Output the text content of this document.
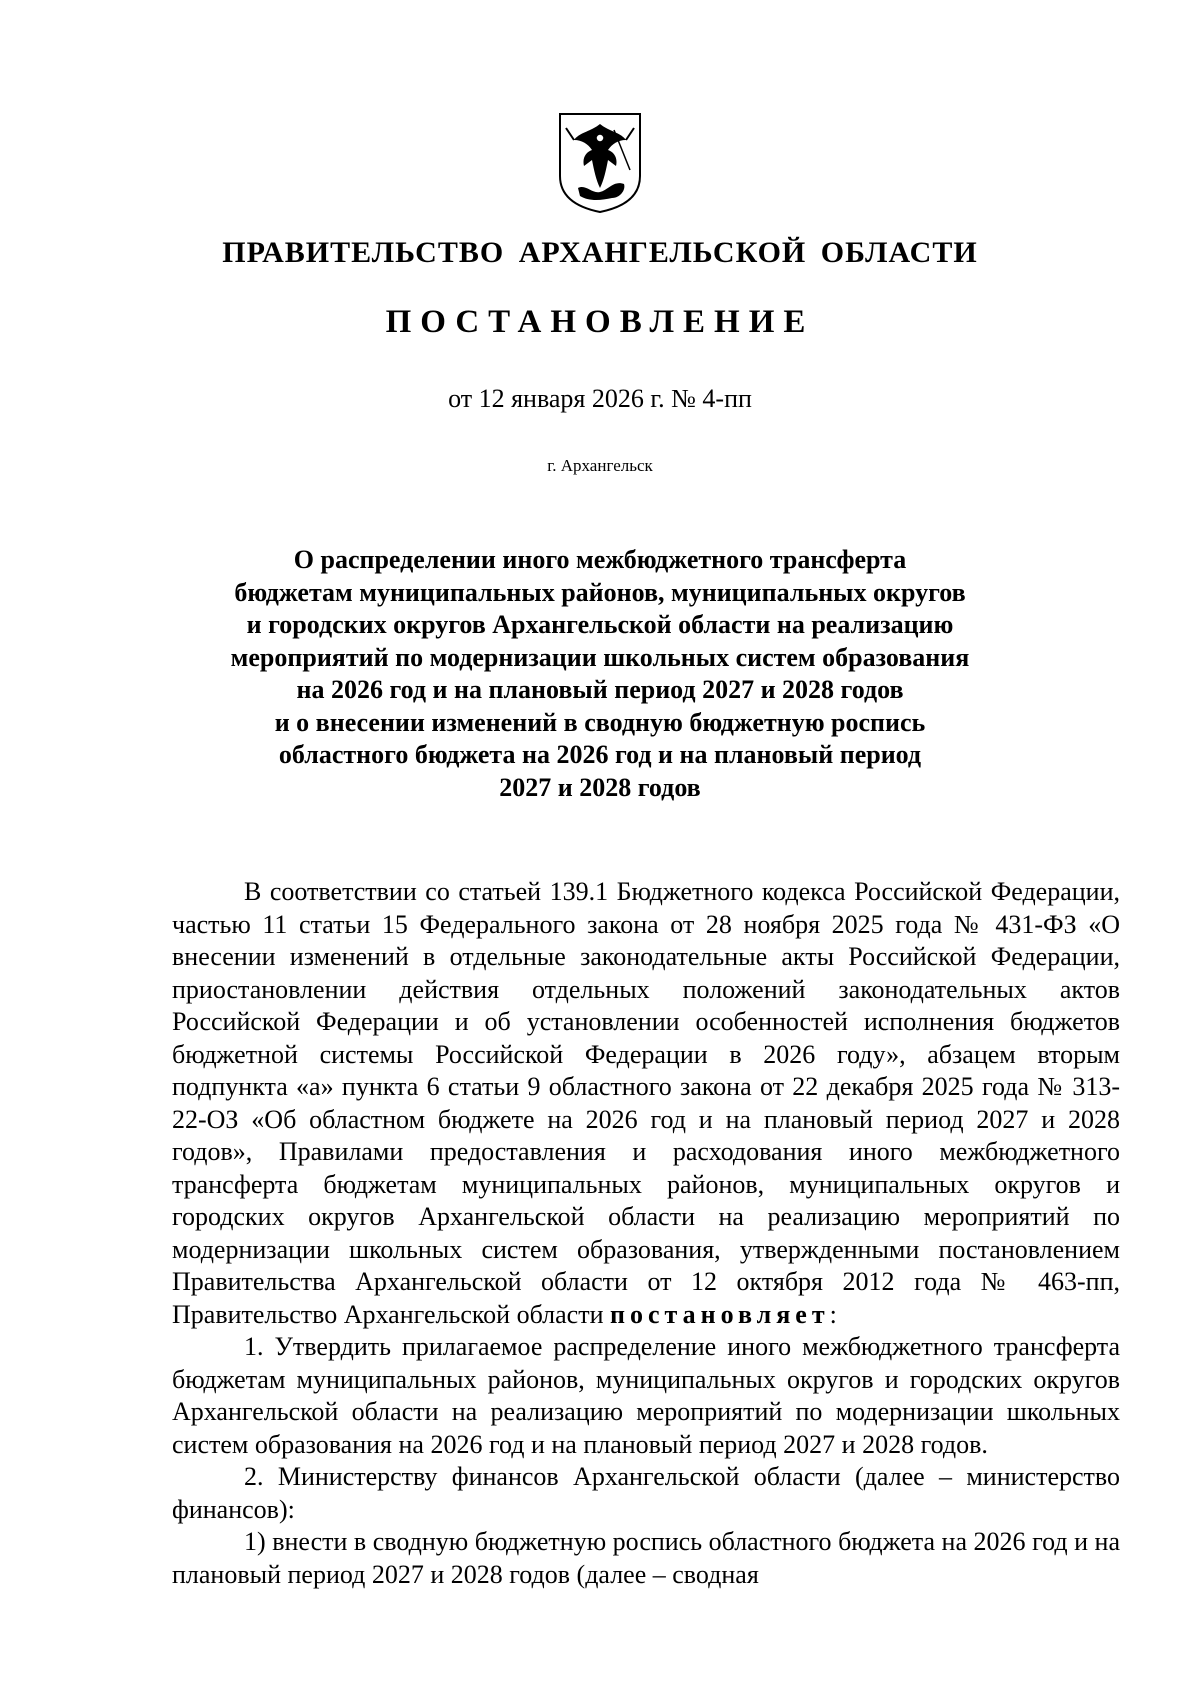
ПРАВИТЕЛЬСТВО АРХАНГЕЛЬСКОЙ ОБЛАСТИ
ПОСТАНОВЛЕНИЕ
от 12 января 2026 г. № 4-пп
г. Архангельск
О распределении иного межбюджетного трансферта
бюджетам муниципальных районов, муниципальных округов
и городских округов Архангельской области на реализацию
мероприятий по модернизации школьных систем образования
на 2026 год и на плановый период 2027 и 2028 годов
и о внесении изменений в сводную бюджетную роспись
областного бюджета на 2026 год и на плановый период
2027 и 2028 годов

В соответствии со статьей 139.1 Бюджетного кодекса Российской Федерации, частью 11 статьи 15 Федерального закона от 28 ноября 2025 года № 431-ФЗ «О внесении изменений в отдельные законодательные акты Российской Федерации, приостановлении действия отдельных положений законодательных актов Российской Федерации и об установлении особенностей исполнения бюджетов бюджетной системы Российской Федерации в 2026 году», абзацем вторым подпункта «а» пункта 6 статьи 9 областного закона от 22 декабря 2025 года № 313-22-ОЗ «Об областном бюджете на 2026 год и на плановый период 2027 и 2028 годов», Правилами предоставления и расходования иного межбюджетного трансферта бюджетам муниципальных районов, муниципальных округов и городских округов Архангельской области на реализацию мероприятий по модернизации школьных систем образования, утвержденными постановлением Правительства Архангельской области от 12 октября 2012 года № 463-пп, Правительство Архангельской области постановляет:

1. Утвердить прилагаемое распределение иного межбюджетного трансферта бюджетам муниципальных районов, муниципальных округов и городских округов Архангельской области на реализацию мероприятий по модернизации школьных систем образования на 2026 год и на плановый период 2027 и 2028 годов.

2. Министерству финансов Архангельской области (далее – министерство финансов):

1) внести в сводную бюджетную роспись областного бюджета на 2026 год и на плановый период 2027 и 2028 годов (далее – сводная
